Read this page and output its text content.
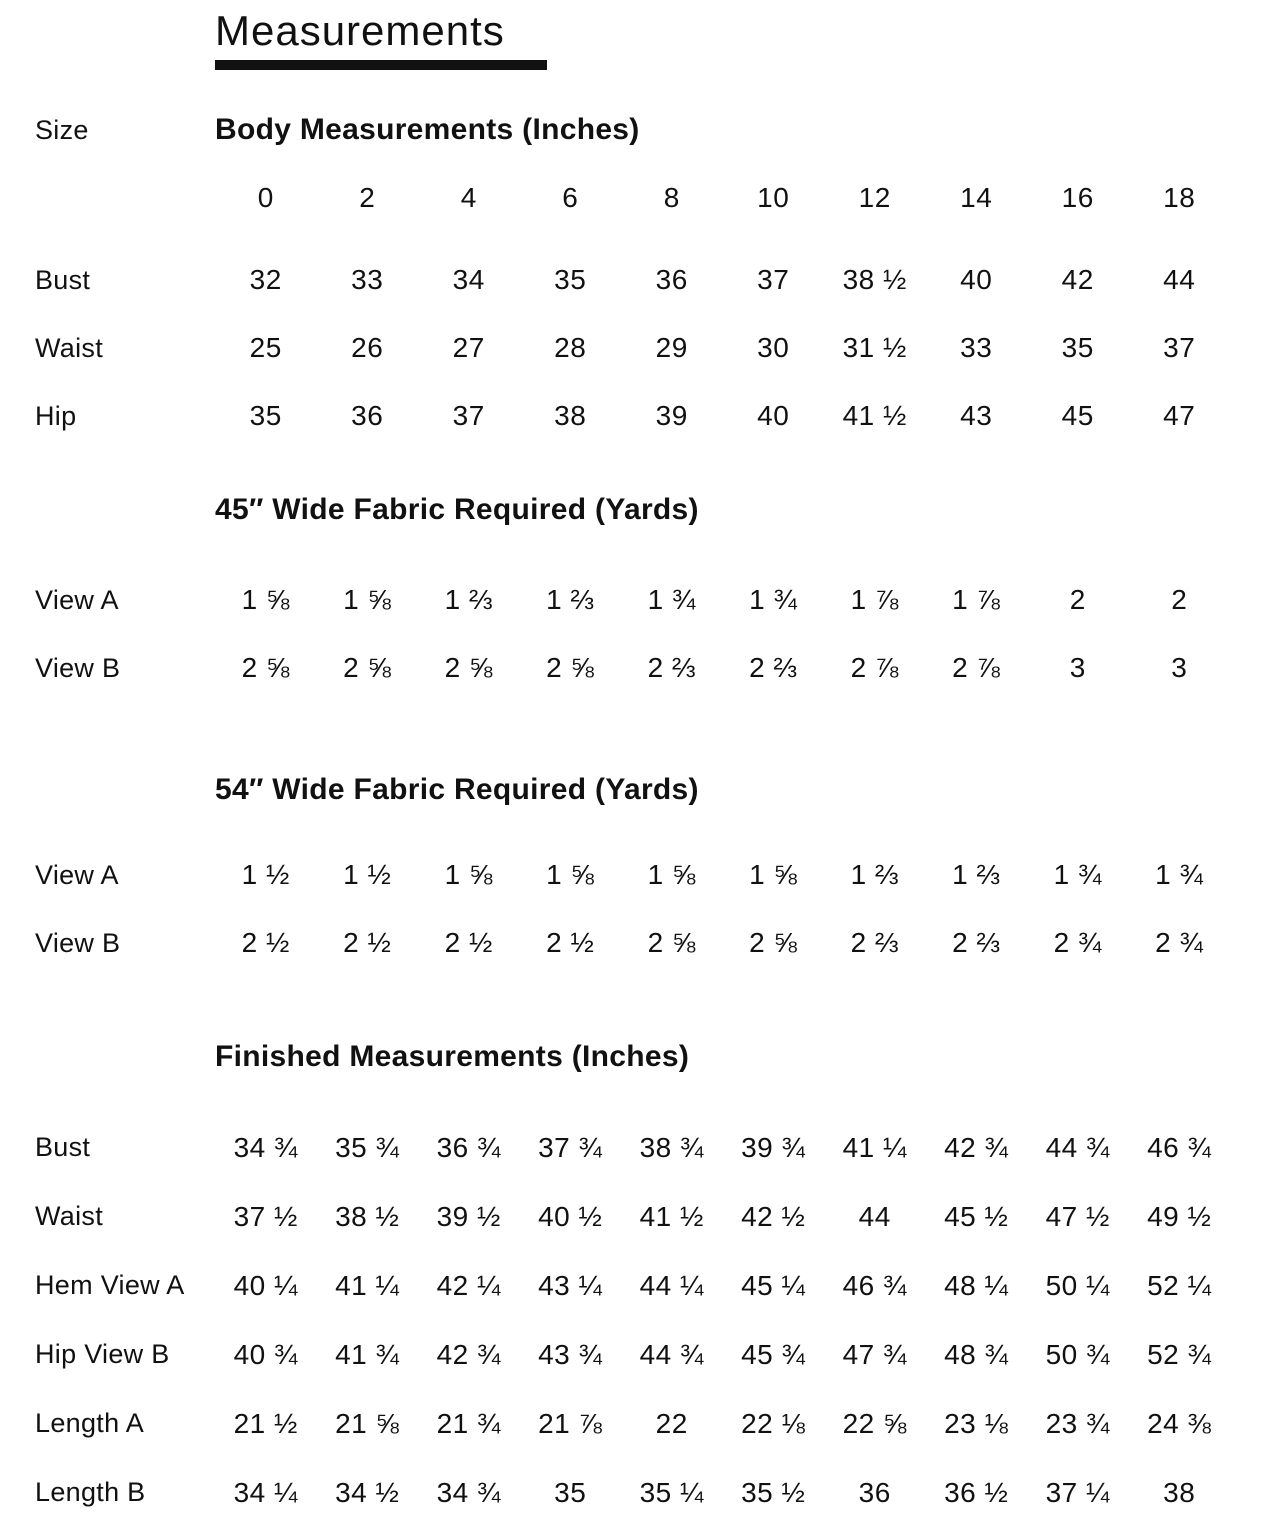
Measurements
Size	Body Measurements (Inches)
0	2	4	6	8	10	12	14	16	18
Bust	32	33	34	35	36	37	38 ½	40	42	44
Waist	25	26	27	28	29	30	31 ½	33	35	37
Hip	35	36	37	38	39	40	41 ½	43	45	47
45″ Wide Fabric Required (Yards)
View A	1 ⅝	1 ⅝	1 ⅔	1 ⅔	1 ¾	1 ¾	1 ⅞	1 ⅞	2	2
View B	2 ⅝	2 ⅝	2 ⅝	2 ⅝	2 ⅔	2 ⅔	2 ⅞	2 ⅞	3	3
54″ Wide Fabric Required (Yards)
View A	1 ½	1 ½	1 ⅝	1 ⅝	1 ⅝	1 ⅝	1 ⅔	1 ⅔	1 ¾	1 ¾
View B	2 ½	2 ½	2 ½	2 ½	2 ⅝	2 ⅝	2 ⅔	2 ⅔	2 ¾	2 ¾
Finished Measurements (Inches)
Bust	34 ¾	35 ¾	36 ¾	37 ¾	38 ¾	39 ¾	41 ¼	42 ¾	44 ¾	46 ¾
Waist	37 ½	38 ½	39 ½	40 ½	41 ½	42 ½	44	45 ½	47 ½	49 ½
Hem View A	40 ¼	41 ¼	42 ¼	43 ¼	44 ¼	45 ¼	46 ¾	48 ¼	50 ¼	52 ¼
Hip View B	40 ¾	41 ¾	42 ¾	43 ¾	44 ¾	45 ¾	47 ¾	48 ¾	50 ¾	52 ¾
Length A	21 ½	21 ⅝	21 ¾	21 ⅞	22	22 ⅛	22 ⅝	23 ⅛	23 ¾	24 ⅜
Length B	34 ¼	34 ½	34 ¾	35	35 ¼	35 ½	36	36 ½	37 ¼	38
